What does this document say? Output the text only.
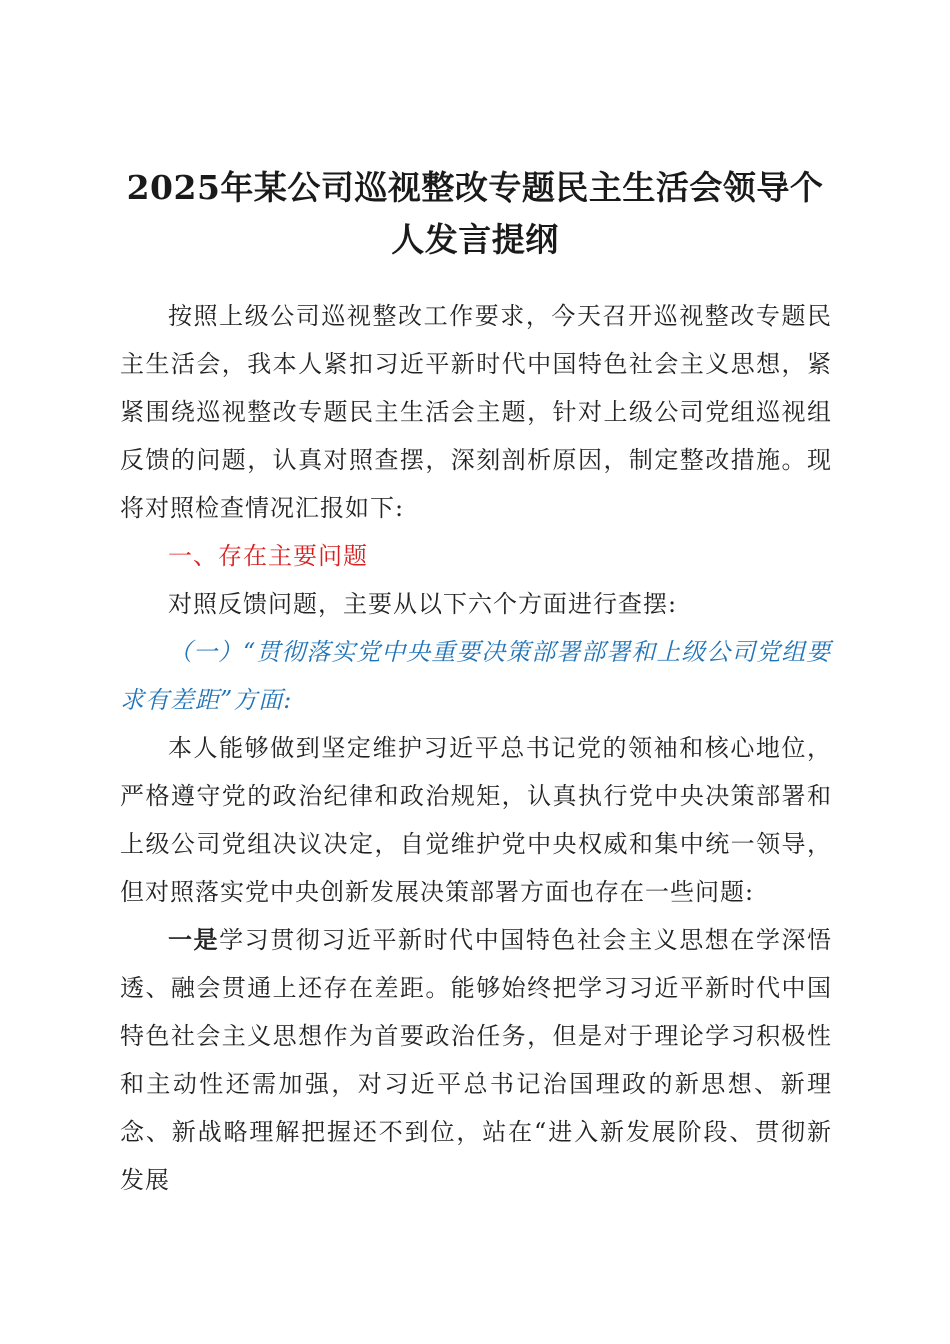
2025年某公司巡视整改专题民主生活会领导个人发言提纲

按照上级公司巡视整改工作要求，今天召开巡视整改专题民主生活会，我本人紧扣习近平新时代中国特色社会主义思想，紧紧围绕巡视整改专题民主生活会主题，针对上级公司党组巡视组反馈的问题，认真对照查摆，深刻剖析原因，制定整改措施。现将对照检查情况汇报如下:

一、存在主要问题

对照反馈问题，主要从以下六个方面进行查摆:

（一）“贯彻落实党中央重要决策部署部署和上级公司党组要求有差距”方面:

本人能够做到坚定维护习近平总书记党的领袖和核心地位，严格遵守党的政治纪律和政治规矩，认真执行党中央决策部署和上级公司党组决议决定，自觉维护党中央权威和集中统一领导，但对照落实党中央创新发展决策部署方面也存在一些问题:

一是学习贯彻习近平新时代中国特色社会主义思想在学深悟透、融会贯通上还存在差距。能够始终把学习习近平新时代中国特色社会主义思想作为首要政治任务，但是对于理论学习积极性和主动性还需加强，对习近平总书记治国理政的新思想、新理念、新战略理解把握还不到位，站在“进入新发展阶段、贯彻新发展
